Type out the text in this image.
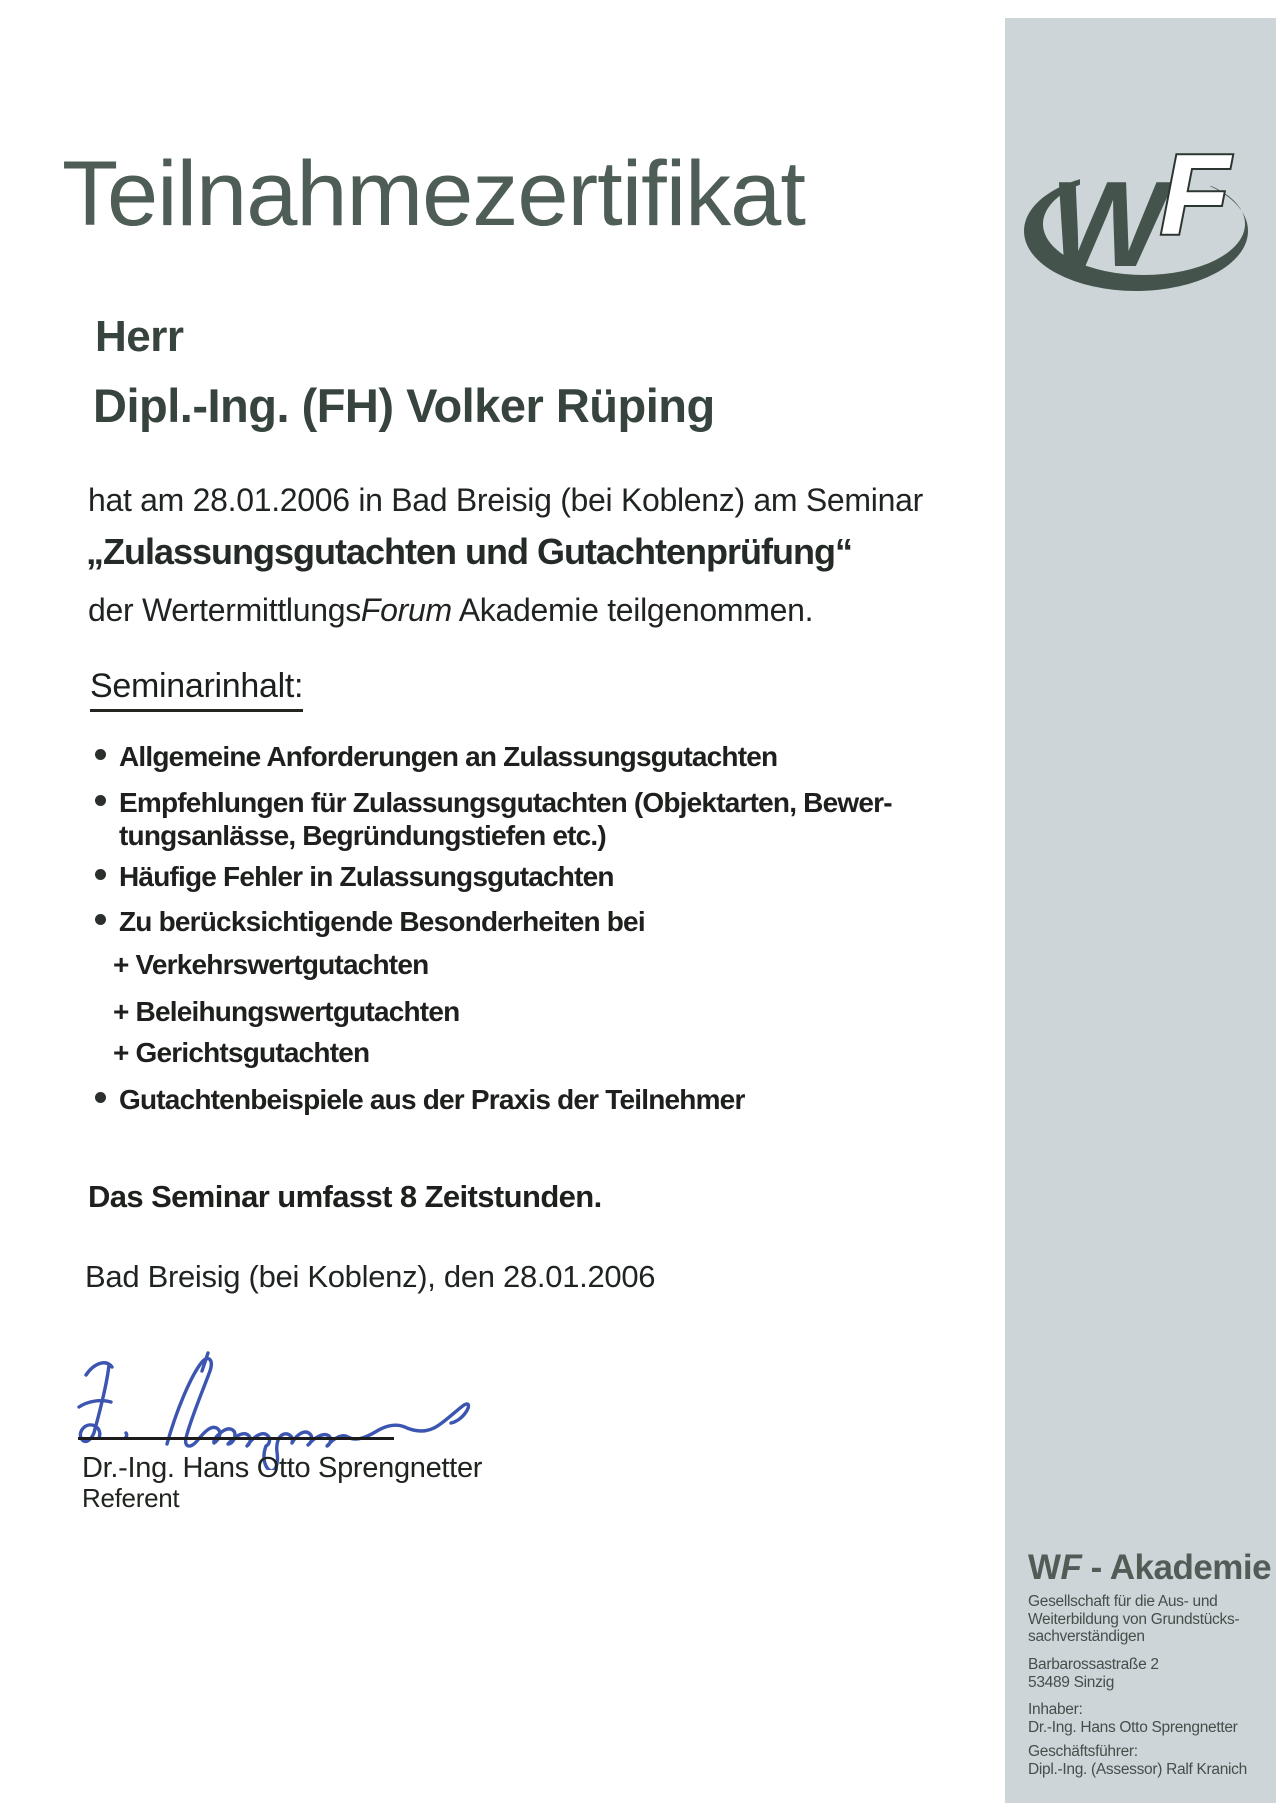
W
F
Teilnahmezertifikat
Herr
Dipl.-Ing. (FH) Volker Rüping
hat am 28.01.2006 in Bad Breisig (bei Koblenz) am Seminar
„Zulassungsgutachten und Gutachtenprüfung“
der WertermittlungsForum Akademie teilgenommen.
Seminarinhalt:
Allgemeine Anforderungen an Zulassungsgutachten
Empfehlungen für Zulassungsgutachten (Objektarten, Bewer-
tungsanlässe, Begründungstiefen etc.)
Häufige Fehler in Zulassungsgutachten
Zu berücksichtigende Besonderheiten bei
+ Verkehrswertgutachten
+ Beleihungswertgutachten
+ Gerichtsgutachten
Gutachtenbeispiele aus der Praxis der Teilnehmer
Das Seminar umfasst 8 Zeitstunden.
Bad Breisig (bei Koblenz), den 28.01.2006
Dr.-Ing. Hans Otto Sprengnetter
Referent
WF - Akademie
Gesellschaft für die Aus- und
Weiterbildung von Grundstücks-
sachverständigen
Barbarossastraße 2
53489 Sinzig
Inhaber:
Dr.-Ing. Hans Otto Sprengnetter
Geschäftsführer:
Dipl.-Ing. (Assessor) Ralf Kranich
